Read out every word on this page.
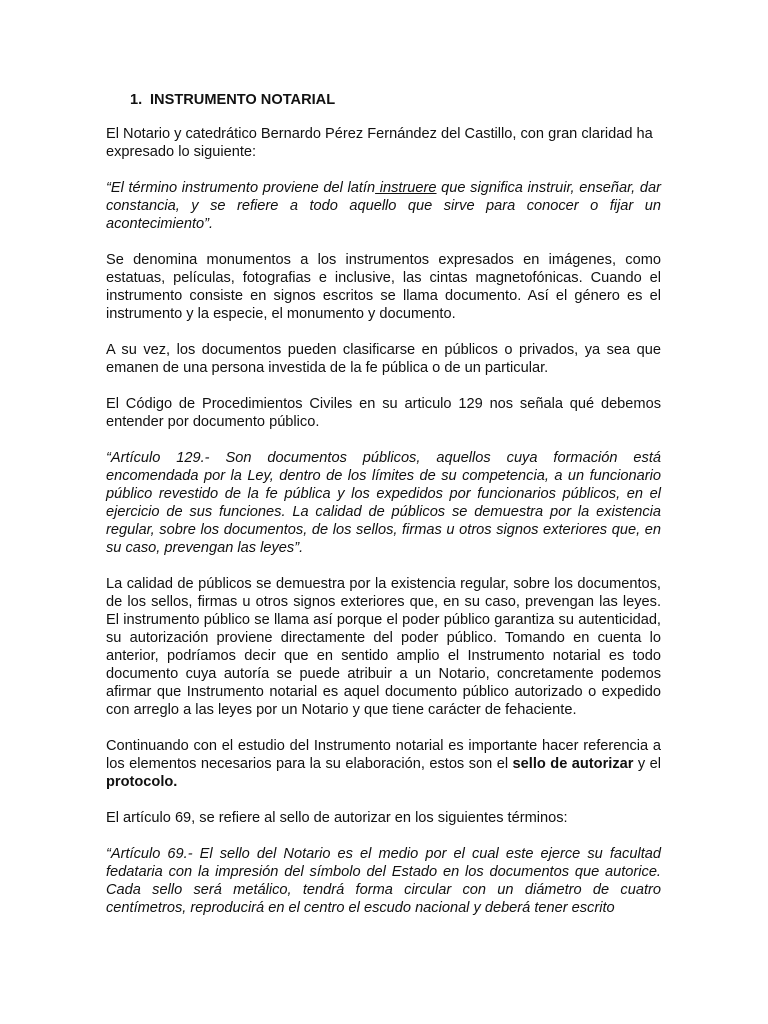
1. INSTRUMENTO NOTARIAL

El Notario y catedrático Bernardo Pérez Fernández del Castillo, con gran claridad ha expresado lo siguiente:

“El término instrumento proviene del latín instruere que significa instruir, enseñar, dar constancia, y se refiere a todo aquello que sirve para conocer o fijar un acontecimiento”.

Se denomina monumentos a los instrumentos expresados en imágenes, como estatuas, películas, fotografias e inclusive, las cintas magnetofónicas. Cuando el instrumento consiste en signos escritos se llama documento. Así el género es el instrumento y la especie, el monumento y documento.

A su vez, los documentos pueden clasificarse en públicos o privados, ya sea que emanen de una persona investida de la fe pública o de un particular.

El Código de Procedimientos Civiles en su articulo 129 nos señala qué debemos entender por documento público.

“Artículo 129.- Son documentos públicos, aquellos cuya formación está encomendada por la Ley, dentro de los límites de su competencia, a un funcionario público revestido de la fe pública y los expedidos por funcionarios públicos, en el ejercicio de sus funciones. La calidad de públicos se demuestra por la existencia regular, sobre los documentos, de los sellos, firmas u otros signos exteriores que, en su caso, prevengan las leyes”.

La calidad de públicos se demuestra por la existencia regular, sobre los documentos, de los sellos, firmas u otros signos exteriores que, en su caso, prevengan las leyes. El instrumento público se llama así porque el poder público garantiza su autenticidad, su autorización proviene directamente del poder público. Tomando en cuenta lo anterior, podríamos decir que en sentido amplio el Instrumento notarial es todo documento cuya autoría se puede atribuir a un Notario, concretamente podemos afirmar que Instrumento notarial es aquel documento público autorizado o expedido con arreglo a las leyes por un Notario y que tiene carácter de fehaciente.

Continuando con el estudio del Instrumento notarial es importante hacer referencia a los elementos necesarios para la su elaboración, estos son el sello de autorizar y el protocolo.

El artículo 69, se refiere al sello de autorizar en los siguientes términos:

“Artículo 69.- El sello del Notario es el medio por el cual este ejerce su facultad fedataria con la impresión del símbolo del Estado en los documentos que autorice. Cada sello será metálico, tendrá forma circular con un diámetro de cuatro centímetros, reproducirá en el centro el escudo nacional y deberá tener escrito
